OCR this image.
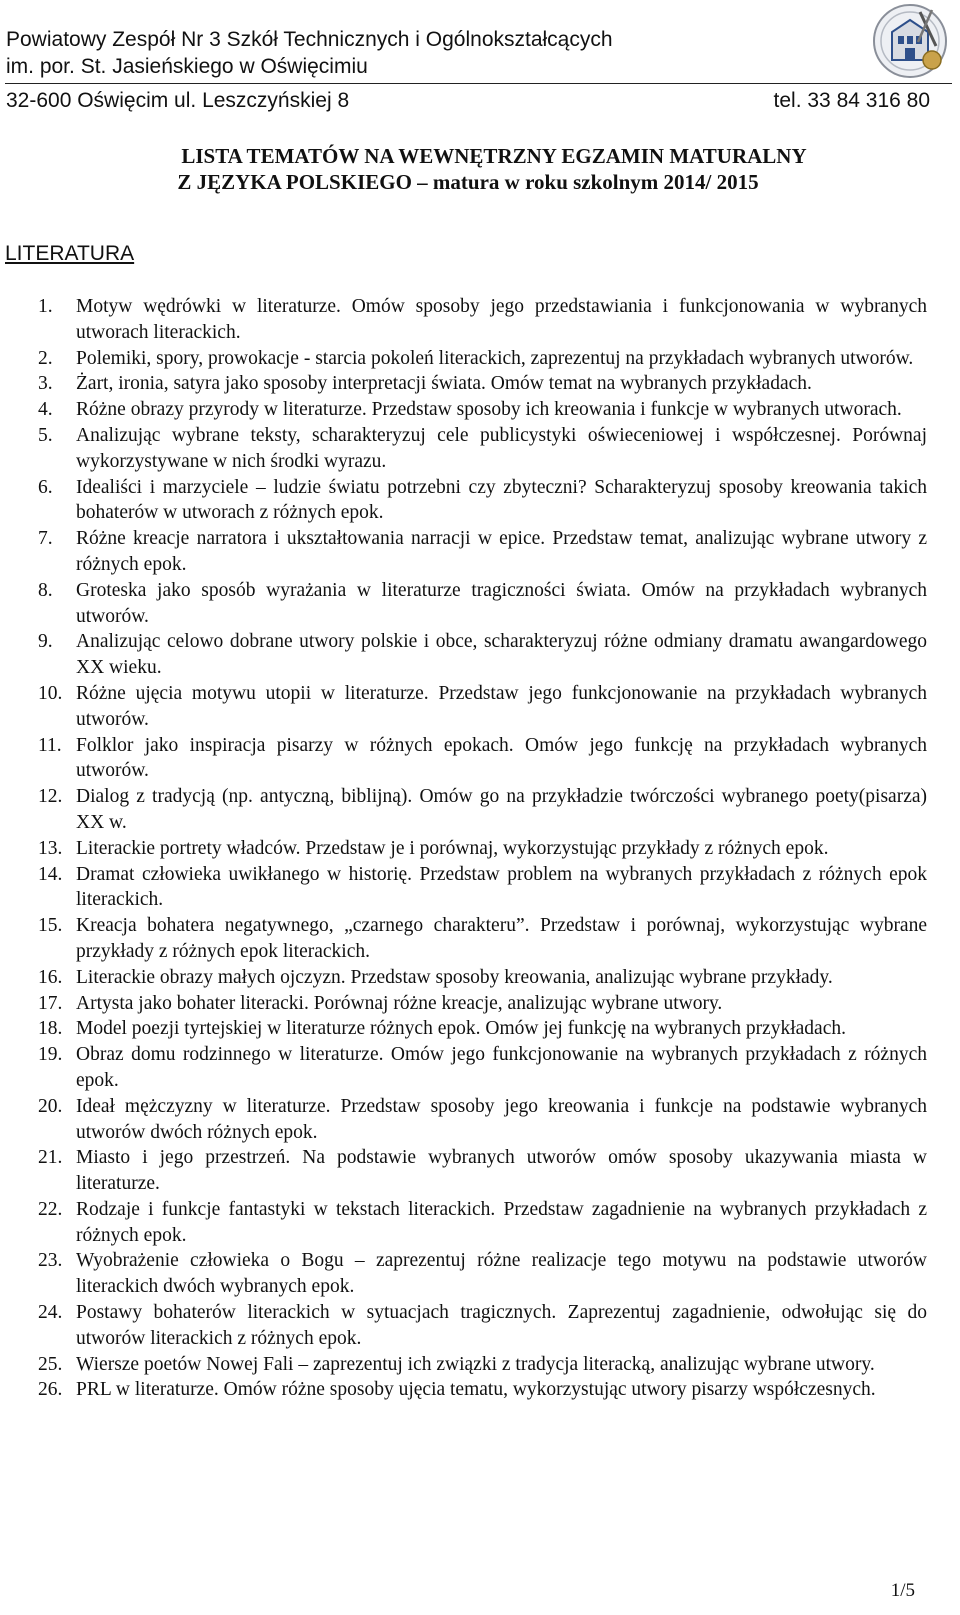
Powiatowy Zespół Nr 3 Szkół Technicznych i Ogólnokształcących
im. por. St. Jasieńskiego w Oświęcimiu
32-600 Oświęcim ul. Leszczyńskiej 8	tel. 33 84 316 80
LISTA TEMATÓW NA WEWNĘTRZNY EGZAMIN MATURALNY
Z JĘZYKA POLSKIEGO – matura w roku szkolnym 2014/ 2015
LITERATURA
1. Motyw wędrówki w literaturze. Omów sposoby jego przedstawiania i funkcjonowania w wybranych utworach literackich.
2. Polemiki, spory, prowokacje - starcia pokoleń literackich, zaprezentuj na przykładach wybranych utworów.
3. Żart, ironia, satyra jako sposoby interpretacji świata. Omów temat na wybranych przykładach.
4. Różne obrazy przyrody w literaturze. Przedstaw sposoby ich kreowania i funkcje w wybranych utworach.
5. Analizując wybrane teksty, scharakteryzuj cele publicystyki oświeceniowej i współczesnej. Porównaj wykorzystywane w nich środki wyrazu.
6. Idealiści i marzyciele – ludzie światu potrzebni czy zbyteczni? Scharakteryzuj sposoby kreowania takich bohaterów w utworach z różnych epok.
7. Różne kreacje narratora i ukształtowania narracji w epice. Przedstaw temat, analizując wybrane utwory z różnych epok.
8. Groteska jako sposób wyrażania w literaturze tragiczności świata. Omów na przykładach wybranych utworów.
9. Analizując celowo dobrane utwory polskie i obce, scharakteryzuj różne odmiany dramatu awangardowego XX wieku.
10. Różne ujęcia motywu utopii w literaturze. Przedstaw jego funkcjonowanie na przykładach wybranych utworów.
11. Folklor jako inspiracja pisarzy w różnych epokach. Omów jego funkcję na przykładach wybranych utworów.
12. Dialog z tradycją (np. antyczną, biblijną). Omów go na przykładzie twórczości wybranego poety(pisarza) XX w.
13. Literackie portrety władców. Przedstaw je i porównaj, wykorzystując przykłady z różnych epok.
14. Dramat człowieka uwikłanego w historię. Przedstaw problem na wybranych przykładach z różnych epok literackich.
15. Kreacja bohatera negatywnego, „czarnego charakteru”. Przedstaw i porównaj, wykorzystując wybrane przykłady z różnych epok literackich.
16. Literackie obrazy małych ojczyzn. Przedstaw sposoby kreowania, analizując wybrane przykłady.
17. Artysta jako bohater literacki. Porównaj różne kreacje, analizując wybrane utwory.
18. Model poezji tyrtejskiej w literaturze różnych epok. Omów jej funkcję na wybranych przykładach.
19. Obraz domu rodzinnego w literaturze. Omów jego funkcjonowanie na wybranych przykładach z różnych epok.
20. Ideał mężczyzny w literaturze. Przedstaw sposoby jego kreowania i funkcje na podstawie wybranych utworów dwóch różnych epok.
21. Miasto i jego przestrzeń. Na podstawie wybranych utworów omów sposoby ukazywania miasta w literaturze.
22. Rodzaje i funkcje fantastyki w tekstach literackich. Przedstaw zagadnienie na wybranych przykładach z różnych epok.
23. Wyobrażenie człowieka o Bogu – zaprezentuj różne realizacje tego motywu na podstawie utworów literackich dwóch wybranych epok.
24. Postawy bohaterów literackich w sytuacjach tragicznych. Zaprezentuj zagadnienie, odwołując się do utworów literackich z różnych epok.
25. Wiersze poetów Nowej Fali – zaprezentuj ich związki z tradycja literacką, analizując wybrane utwory.
26. PRL w literaturze. Omów różne sposoby ujęcia tematu, wykorzystując utwory pisarzy współczesnych.
1/5
